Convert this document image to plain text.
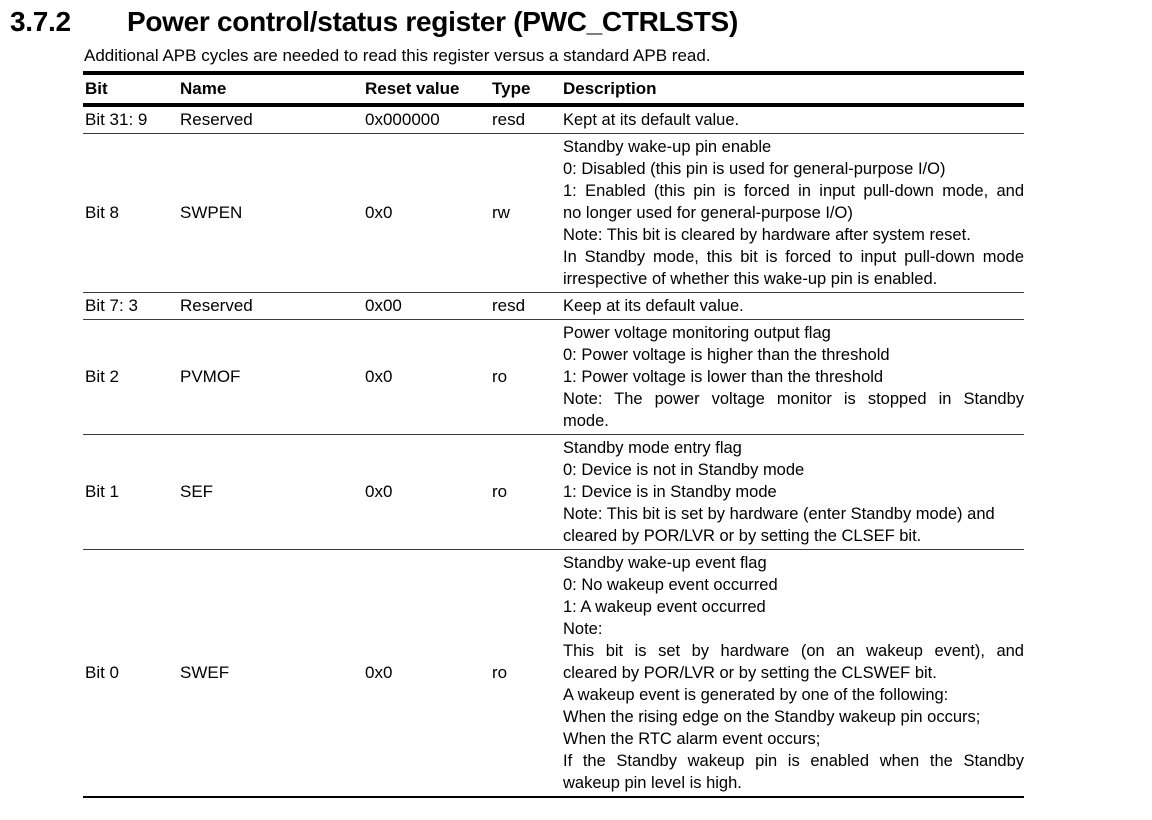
3.7.2	Power control/status register (PWC_CTRLSTS)
Additional APB cycles are needed to read this register versus a standard APB read.
Bit	Name	Reset value	Type	Description
Bit 31: 9	Reserved	0x000000	resd	Kept at its default value.

Bit 8	SWPEN	0x0	rw	
Standby wake-up pin enable
0: Disabled (this pin is used for general-purpose I/O)
1: Enabled (this pin is forced in input pull-down mode, and
no longer used for general-purpose I/O)
Note: This bit is cleared by hardware after system reset.
In Standby mode, this bit is forced to input pull-down mode
irrespective of whether this wake-up pin is enabled.

Bit 7: 3	Reserved	0x00	resd	Keep at its default value.

Bit 2	PVMOF	0x0	ro	Power voltage monitoring output flag
0: Power voltage is higher than the threshold
1: Power voltage is lower than the threshold
Note: The power voltage monitor is stopped in Standby
mode.

Bit 1	SEF	0x0	ro	Standby mode entry flag
0: Device is not in Standby mode
1: Device is in Standby mode
Note: This bit is set by hardware (enter Standby mode) and
cleared by POR/LVR or by setting the CLSEF bit.

Bit 0	SWEF	0x0	ro	
Standby wake-up event flag
0: No wakeup event occurred
1: A wakeup event occurred
Note:
This bit is set by hardware (on an wakeup event), and
cleared by POR/LVR or by setting the CLSWEF bit.
A wakeup event is generated by one of the following:
When the rising edge on the Standby wakeup pin occurs;
When the RTC alarm event occurs;
If the Standby wakeup pin is enabled when the Standby
wakeup pin level is high.
